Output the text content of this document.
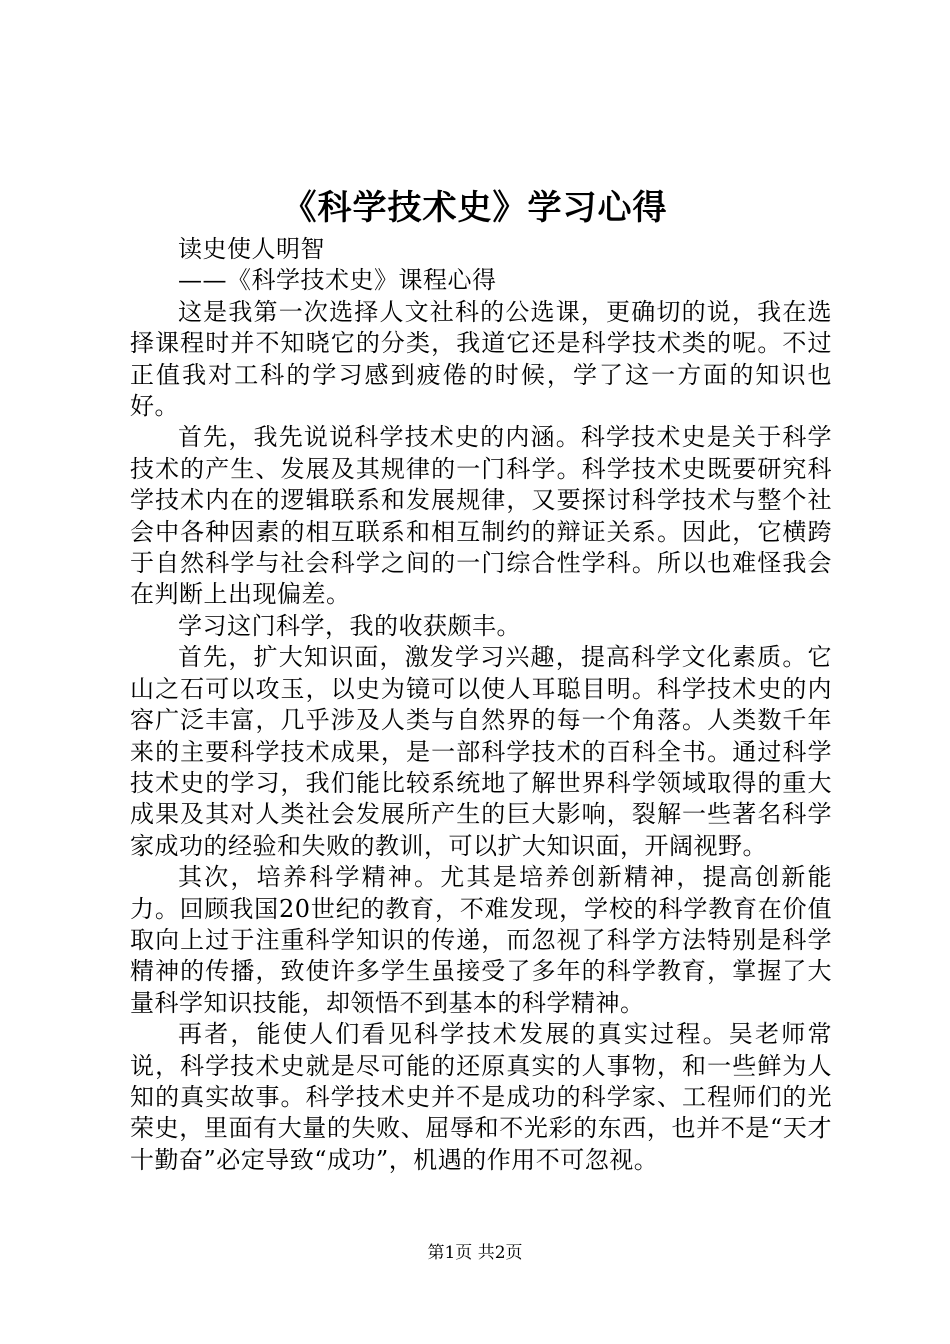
《科学技术史》学习心得

读史使人明智

——《科学技术史》课程心得

这是我第一次选择人文社科的公选课，更确切的说，我在选择课程时并不知晓它的分类，我道它还是科学技术类的呢。不过正值我对工科的学习感到疲倦的时候，学了这一方面的知识也好。

首先，我先说说科学技术史的内涵。科学技术史是关于科学技术的产生、发展及其规律的一门科学。科学技术史既要研究科学技术内在的逻辑联系和发展规律，又要探讨科学技术与整个社会中各种因素的相互联系和相互制约的辩证关系。因此，它横跨于自然科学与社会科学之间的一门综合性学科。所以也难怪我会在判断上出现偏差。

学习这门科学，我的收获颇丰。

首先，扩大知识面，激发学习兴趣，提高科学文化素质。它山之石可以攻玉，以史为镜可以使人耳聪目明。科学技术史的内容广泛丰富，几乎涉及人类与自然界的每一个角落。人类数千年来的主要科学技术成果，是一部科学技术的百科全书。通过科学技术史的学习，我们能比较系统地了解世界科学领域取得的重大成果及其对人类社会发展所产生的巨大影响，裂解一些著名科学家成功的经验和失败的教训，可以扩大知识面，开阔视野。

其次，培养科学精神。尤其是培养创新精神，提高创新能力。回顾我国20世纪的教育，不难发现，学校的科学教育在价值取向上过于注重科学知识的传递，而忽视了科学方法特别是科学精神的传播，致使许多学生虽接受了多年的科学教育，掌握了大量科学知识技能，却领悟不到基本的科学精神。

再者，能使人们看见科学技术发展的真实过程。吴老师常说，科学技术史就是尽可能的还原真实的人事物，和一些鲜为人知的真实故事。科学技术史并不是成功的科学家、工程师们的光荣史，里面有大量的失败、屈辱和不光彩的东西，也并不是“天才十勤奋”必定导致“成功”，机遇的作用不可忽视。

第1页 共2页
